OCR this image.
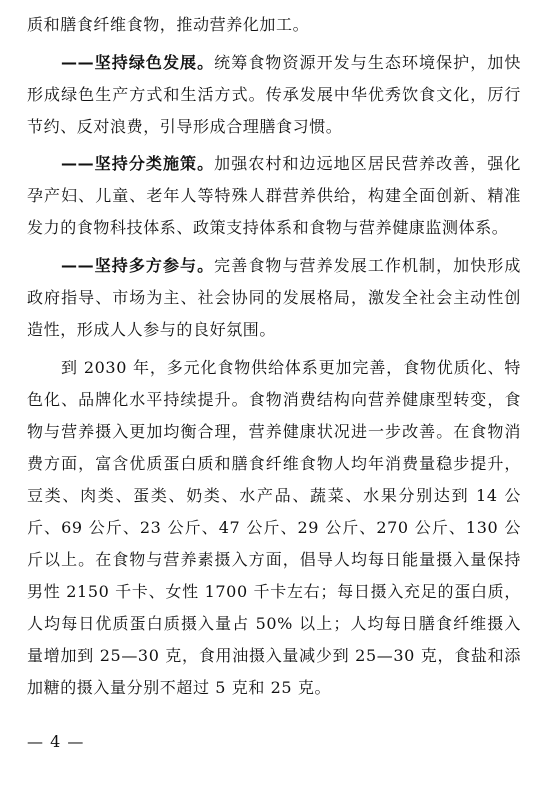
质和膳食纤维食物，推动营养化加工。

——坚持绿色发展。统筹食物资源开发与生态环境保护，加快形成绿色生产方式和生活方式。传承发展中华优秀饮食文化，厉行节约、反对浪费，引导形成合理膳食习惯。

——坚持分类施策。加强农村和边远地区居民营养改善，强化孕产妇、儿童、老年人等特殊人群营养供给，构建全面创新、精准发力的食物科技体系、政策支持体系和食物与营养健康监测体系。

——坚持多方参与。完善食物与营养发展工作机制，加快形成政府指导、市场为主、社会协同的发展格局，激发全社会主动性创造性，形成人人参与的良好氛围。

到 2030 年，多元化食物供给体系更加完善，食物优质化、特色化、品牌化水平持续提升。食物消费结构向营养健康型转变，食物与营养摄入更加均衡合理，营养健康状况进一步改善。在食物消费方面，富含优质蛋白质和膳食纤维食物人均年消费量稳步提升，豆类、肉类、蛋类、奶类、水产品、蔬菜、水果分别达到 14 公斤、69 公斤、23 公斤、47 公斤、29 公斤、270 公斤、130 公斤以上。在食物与营养素摄入方面，倡导人均每日能量摄入量保持男性 2150 千卡、女性 1700 千卡左右；每日摄入充足的蛋白质，人均每日优质蛋白质摄入量占 50% 以上；人均每日膳食纤维摄入量增加到 25—30 克，食用油摄入量减少到 25—30 克，食盐和添加糖的摄入量分别不超过 5 克和 25 克。

— 4 —
